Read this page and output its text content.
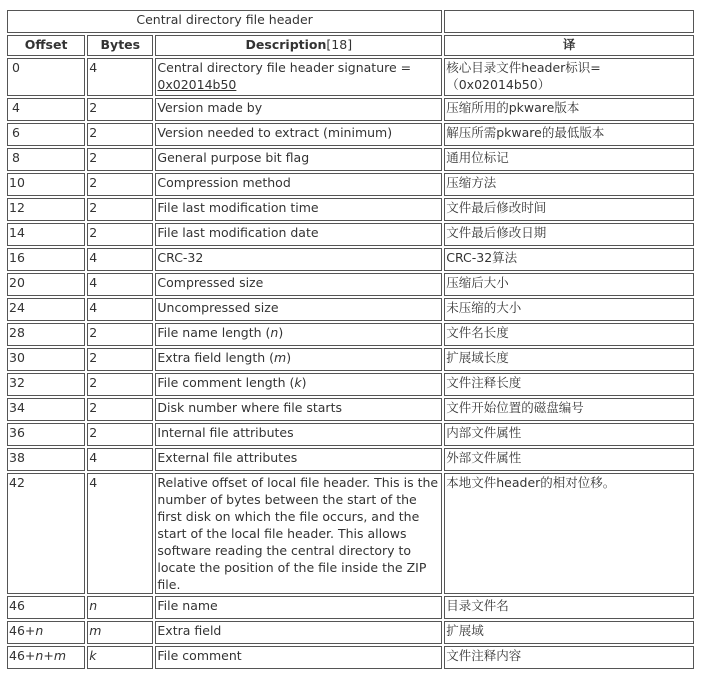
Central directory file header			
Offset	Bytes	Description[18]	译
0	4	Central directory file header signature = 0x02014b50	核心目录文件header标识=（0x02014b50）
4	2	Version made by	压缩所用的pkware版本
6	2	Version needed to extract (minimum)	解压所需pkware的最低版本
8	2	General purpose bit flag	通用位标记
10	2	Compression method	压缩方法
12	2	File last modification time	文件最后修改时间
14	2	File last modification date	文件最后修改日期
16	4	CRC-32	CRC-32算法
20	4	Compressed size	压缩后大小
24	4	Uncompressed size	未压缩的大小
28	2	File name length (n)	文件名长度
30	2	Extra field length (m)	扩展域长度
32	2	File comment length (k)	文件注释长度
34	2	Disk number where file starts	文件开始位置的磁盘编号
36	2	Internal file attributes	内部文件属性
38	4	External file attributes	外部文件属性
42	4	Relative offset of local file header. This is the number of bytes between the start of the first disk on which the file occurs, and the start of the local file header. This allows software reading the central directory to locate the position of the file inside the ZIP file.	本地文件header的相对位移。
46	n	File name	目录文件名
46+n	m	Extra field	扩展域
46+n+m	k	File comment	文件注释内容
